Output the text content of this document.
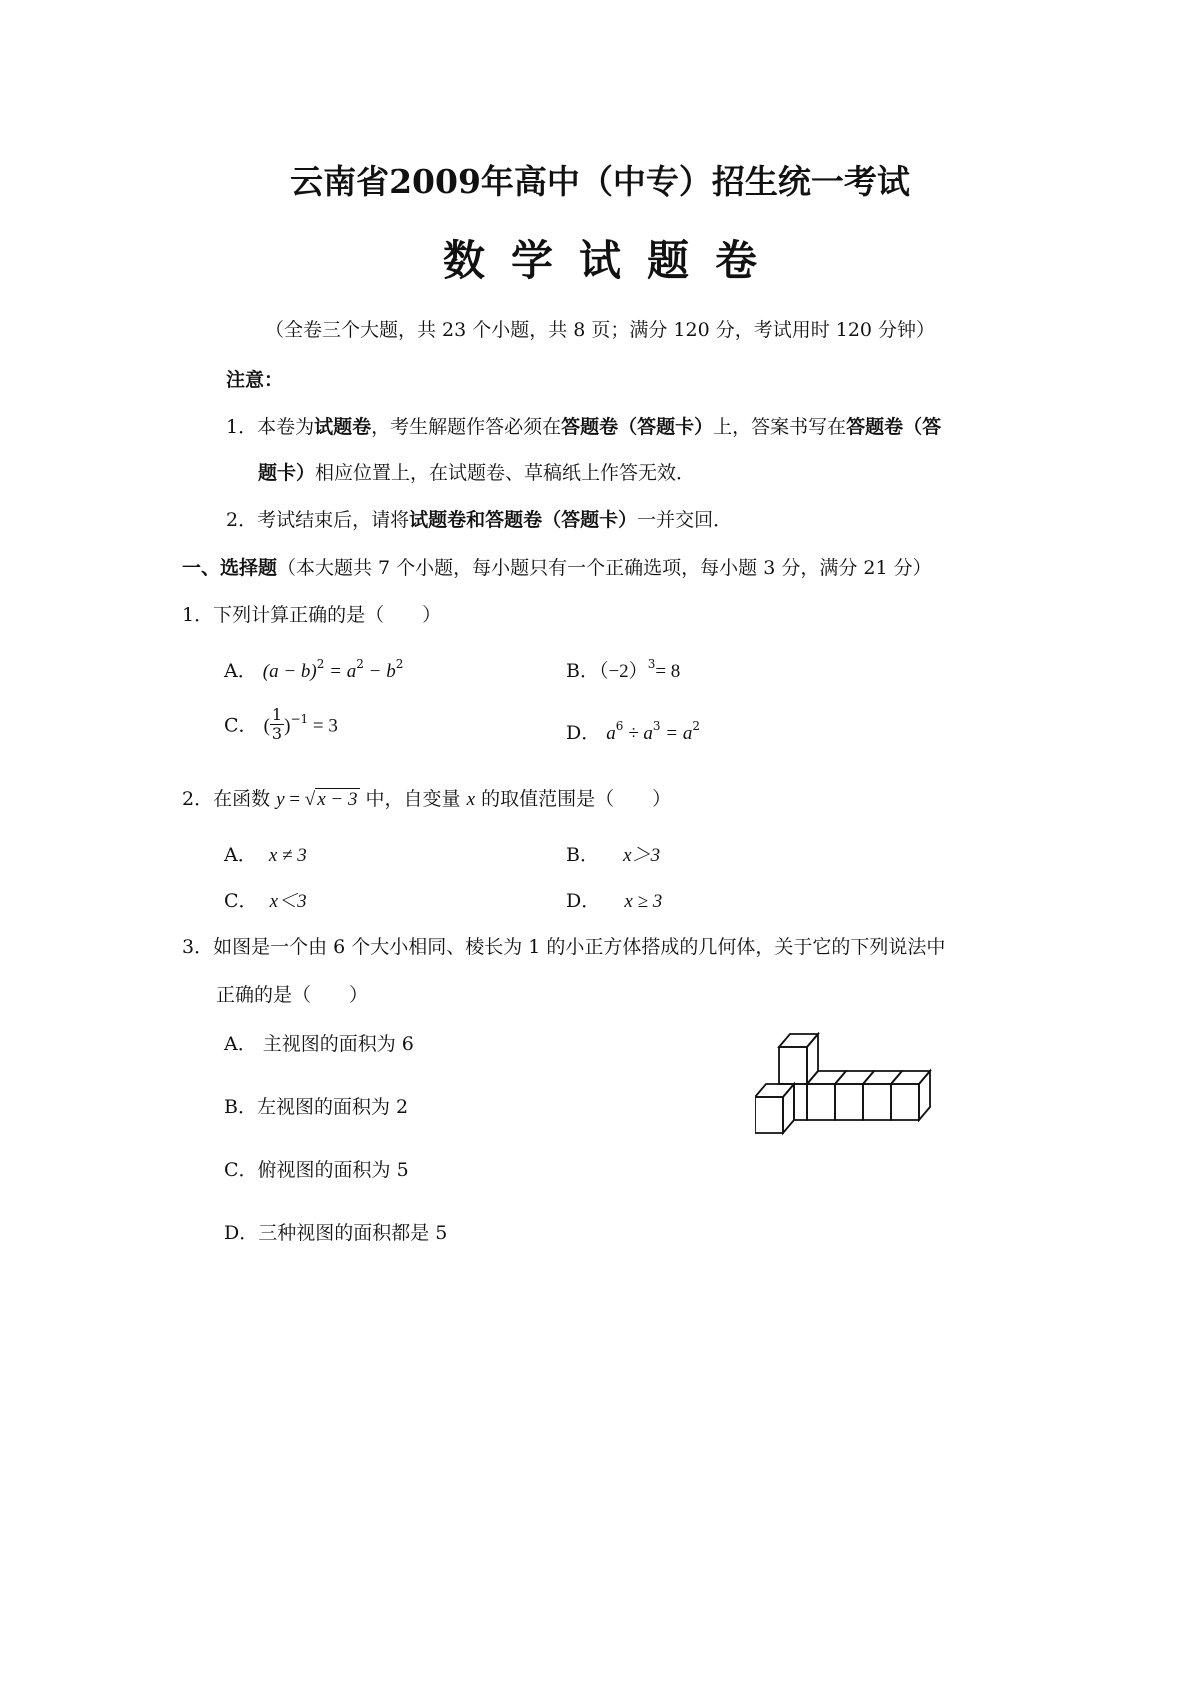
云南省2009年高中（中专）招生统一考试
数学试题卷
（全卷三个大题，共 23 个小题，共 8 页；满分 120 分，考试用时 120 分钟）
注意：
1．本卷为试题卷，考生解题作答必须在答题卷（答题卡）上，答案书写在答题卷（答
题卡）相应位置上，在试题卷、草稿纸上作答无效．
2．考试结束后，请将试题卷和答题卷（答题卡）一并交回．
一、选择题（本大题共 7 个小题，每小题只有一个正确选项，每小题 3 分，满分 21 分）
1．下列计算正确的是（　　）
A． $(a - b)^2 = a^2 - b^2$	B．$(-2)^3= 8$
C． ( $\frac{1}{3} )^{-1} = 3$	D． $a^6 \div a^3 = a^2$
2．在函数 y = √ x − 3 中，自变量 x 的取值范围是（　　）
A． x ≠ 3	B． x＞3
C． x＜3	D． x ≥ 3
3．如图是一个由 6 个大小相同、棱长为 1 的小正方体搭成的几何体，关于它的下列说法中
正确的是（　　）
A． 主视图的面积为 6
B．左视图的面积为 2
C．俯视图的面积为 5
D．三种视图的面积都是 5
